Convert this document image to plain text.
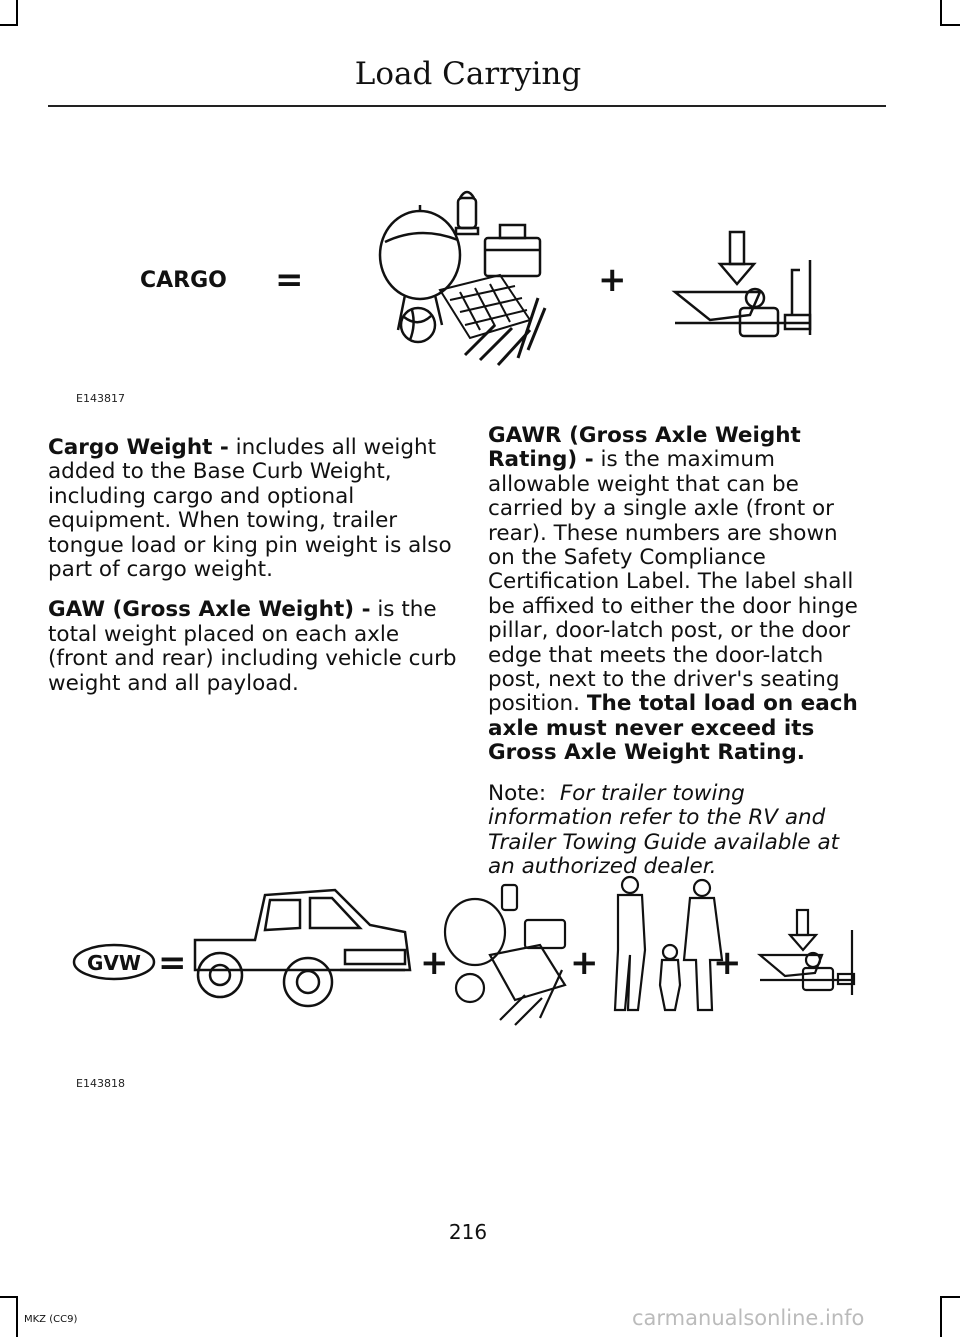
Load Carrying
CARGO =	+
E143817

Cargo Weight - includes all weight added to the Base Curb Weight, including cargo and optional equipment. When towing, trailer tongue load or king pin weight is also part of cargo weight.

GAW (Gross Axle Weight) - is the total weight placed on each axle (front and rear) including vehicle curb weight and all payload.

GAWR (Gross Axle Weight Rating) - is the maximum allowable weight that can be carried by a single axle (front or rear). These numbers are shown on the Safety Compliance Certification Label. The label shall be affixed to either the door hinge pillar, door-latch post, or the door edge that meets the door-latch post, next to the driver's seating position. The total load on each axle must never exceed its Gross Axle Weight Rating.

Note: For trailer towing information refer to the RV and Trailer Towing Guide available at an authorized dealer.

GVW =	+	+	+
E143818
216
MKZ (CC9)	carmanualsonline.info
